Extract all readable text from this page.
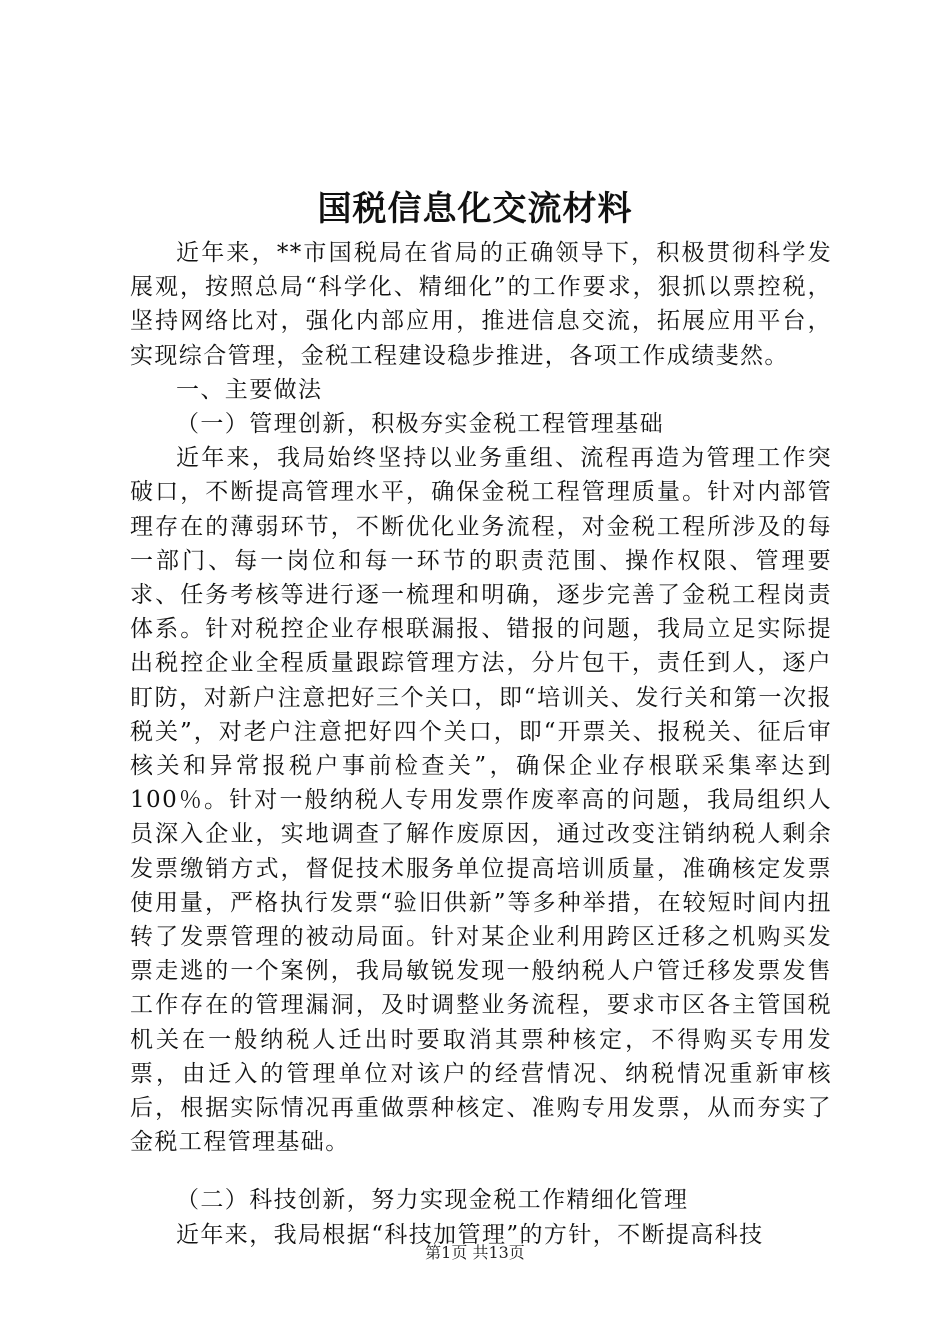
国税信息化交流材料

近年来，**市国税局在省局的正确领导下，积极贯彻科学发展观，按照总局“科学化、精细化”的工作要求，狠抓以票控税，坚持网络比对，强化内部应用，推进信息交流，拓展应用平台，实现综合管理，金税工程建设稳步推进，各项工作成绩斐然。

一、主要做法

（一）管理创新，积极夯实金税工程管理基础

近年来，我局始终坚持以业务重组、流程再造为管理工作突破口，不断提高管理水平，确保金税工程管理质量。针对内部管理存在的薄弱环节，不断优化业务流程，对金税工程所涉及的每一部门、每一岗位和每一环节的职责范围、操作权限、管理要求、任务考核等进行逐一梳理和明确，逐步完善了金税工程岗责体系。针对税控企业存根联漏报、错报的问题，我局立足实际提出税控企业全程质量跟踪管理方法，分片包干，责任到人，逐户盯防，对新户注意把好三个关口，即“培训关、发行关和第一次报税关”，对老户注意把好四个关口，即“开票关、报税关、征后审核关和异常报税户事前检查关”，确保企业存根联采集率达到100％。针对一般纳税人专用发票作废率高的问题，我局组织人员深入企业，实地调查了解作废原因，通过改变注销纳税人剩余发票缴销方式，督促技术服务单位提高培训质量，准确核定发票使用量，严格执行发票“验旧供新”等多种举措，在较短时间内扭转了发票管理的被动局面。针对某企业利用跨区迁移之机购买发票走逃的一个案例，我局敏锐发现一般纳税人户管迁移发票发售工作存在的管理漏洞，及时调整业务流程，要求市区各主管国税机关在一般纳税人迁出时要取消其票种核定，不得购买专用发票，由迁入的管理单位对该户的经营情况、纳税情况重新审核后，根据实际情况再重做票种核定、准购专用发票，从而夯实了金税工程管理基础。

（二）科技创新，努力实现金税工作精细化管理

近年来，我局根据“科技加管理”的方针，不断提高科技

第1页 共13页
